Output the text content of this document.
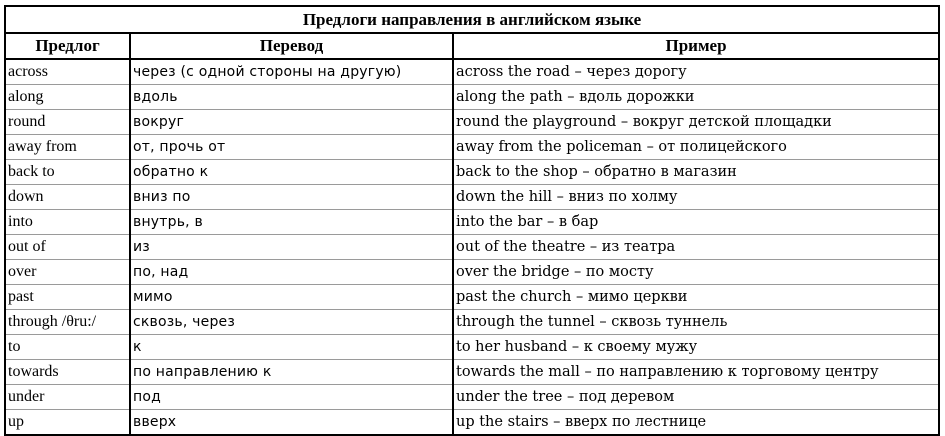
Предлоги направления в английском языке
Предлог	Перевод	Пример
across	через (с одной стороны на другую)	across the road – через дорогу
along	вдоль	along the path – вдоль дорожки
round	вокруг	round the playground – вокруг детской площадки
away from	от, прочь от	away from the policeman – от полицейского
back to	обратно к	back to the shop – обратно в магазин
down	вниз по	down the hill – вниз по холму
into	внутрь, в	into the bar – в бар
out of	из	out of the theatre – из театра
over	по, над	over the bridge – по мосту
past	мимо	past the church – мимо церкви
through /θru:/	сквозь, через	through the tunnel – сквозь туннель
to	к	to her husband – к своему мужу
towards	по направлению к	towards the mall – по направлению к торговому центру
under	под	under the tree – под деревом
up	вверх	up the stairs – вверх по лестнице
